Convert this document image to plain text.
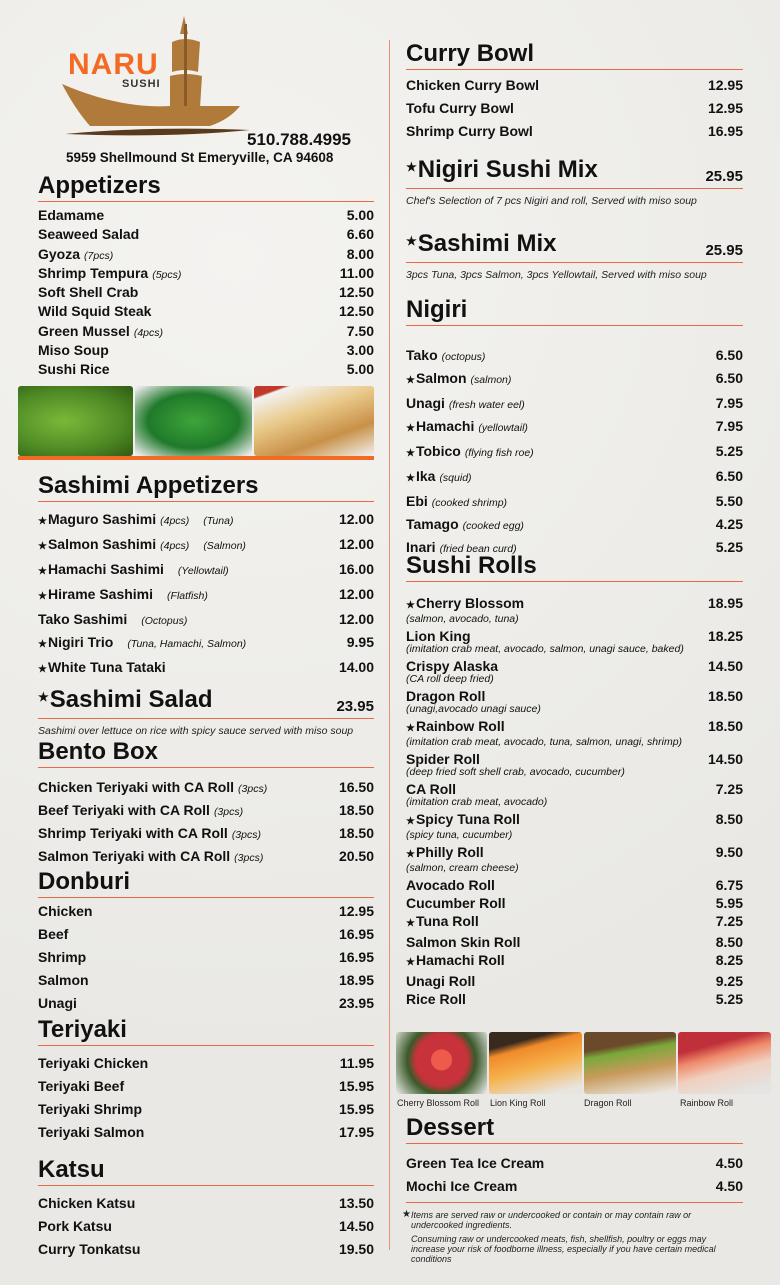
NARU
SUSHI
510.788.4995
5959 Shellmound St Emeryville, CA 94608
Appetizers
Edamame	5.00
Seaweed Salad	6.60
Gyoza (7pcs)	8.00
Shrimp Tempura (5pcs)	11.00
Soft Shell Crab	12.50
Wild Squid Steak	12.50
Green Mussel (4pcs)	7.50
Miso Soup	3.00
Sushi Rice	5.00
Sashimi Appetizers
★Maguro Sashimi (4pcs) (Tuna)	12.00
★Salmon Sashimi (4pcs) (Salmon)	12.00
★Hamachi Sashimi (Yellowtail)	16.00
★Hirame Sashimi (Flatfish)	12.00
Tako Sashimi (Octopus)	12.00
★Nigiri Trio (Tuna, Hamachi, Salmon)	9.95
★White Tuna Tataki	14.00
★Sashimi Salad	23.95
Sashimi over lettuce on rice with spicy sauce served with miso soup
Bento Box
Chicken Teriyaki with CA Roll (3pcs)	16.50
Beef Teriyaki with CA Roll (3pcs)	18.50
Shrimp Teriyaki with CA Roll (3pcs)	18.50
Salmon Teriyaki with CA Roll (3pcs)	20.50
Donburi
Chicken	12.95
Beef	16.95
Shrimp	16.95
Salmon	18.95
Unagi	23.95
Teriyaki
Teriyaki Chicken	11.95
Teriyaki Beef	15.95
Teriyaki Shrimp	15.95
Teriyaki Salmon	17.95
Katsu
Chicken Katsu	13.50
Pork Katsu	14.50
Curry Tonkatsu	19.50
Curry Bowl
Chicken Curry Bowl	12.95
Tofu Curry Bowl	12.95
Shrimp Curry Bowl	16.95
★Nigiri Sushi Mix	25.95
Chef's Selection of 7 pcs Nigiri and roll, Served with miso soup
★Sashimi Mix	25.95
3pcs Tuna, 3pcs Salmon, 3pcs Yellowtail, Served with miso soup
Nigiri
Tako (octopus)	6.50
★Salmon (salmon)	6.50
Unagi (fresh water eel)	7.95
★Hamachi (yellowtail)	7.95
★Tobico (flying fish roe)	5.25
★Ika (squid)	6.50
Ebi (cooked shrimp)	5.50
Tamago (cooked egg)	4.25
Inari (fried bean curd)	5.25
Sushi Rolls
★Cherry Blossom	18.95
(salmon, avocado, tuna)
Lion King	18.25
(imitation crab meat, avocado, salmon, unagi sauce, baked)
Crispy Alaska	14.50
(CA roll deep fried)
Dragon Roll	18.50
(unagi,avocado unagi sauce)
★Rainbow Roll	18.50
(imitation crab meat, avocado, tuna, salmon, unagi, shrimp)
Spider Roll	14.50
(deep fried soft shell crab, avocado, cucumber)
CA Roll	7.25
(imitation crab meat, avocado)
★Spicy Tuna Roll	8.50
(spicy tuna, cucumber)
★Philly Roll	9.50
(salmon, cream cheese)
Avocado Roll	6.75
Cucumber Roll	5.95
★Tuna Roll	7.25
Salmon Skin Roll	8.50
★Hamachi Roll	8.25
Unagi Roll	9.25
Rice Roll	5.25
Cherry Blossom Roll Lion King Roll	Dragon Roll	Rainbow Roll
Dessert
Green Tea Ice Cream	4.50
Mochi Ice Cream	4.50
★ Items are served raw or undercooked or contain or may contain raw or undercooked ingredients.
Consuming raw or undercooked meats, fish, shellfish, poultry or eggs may increase your risk of foodborne illness, especially if you have certain medical conditions
